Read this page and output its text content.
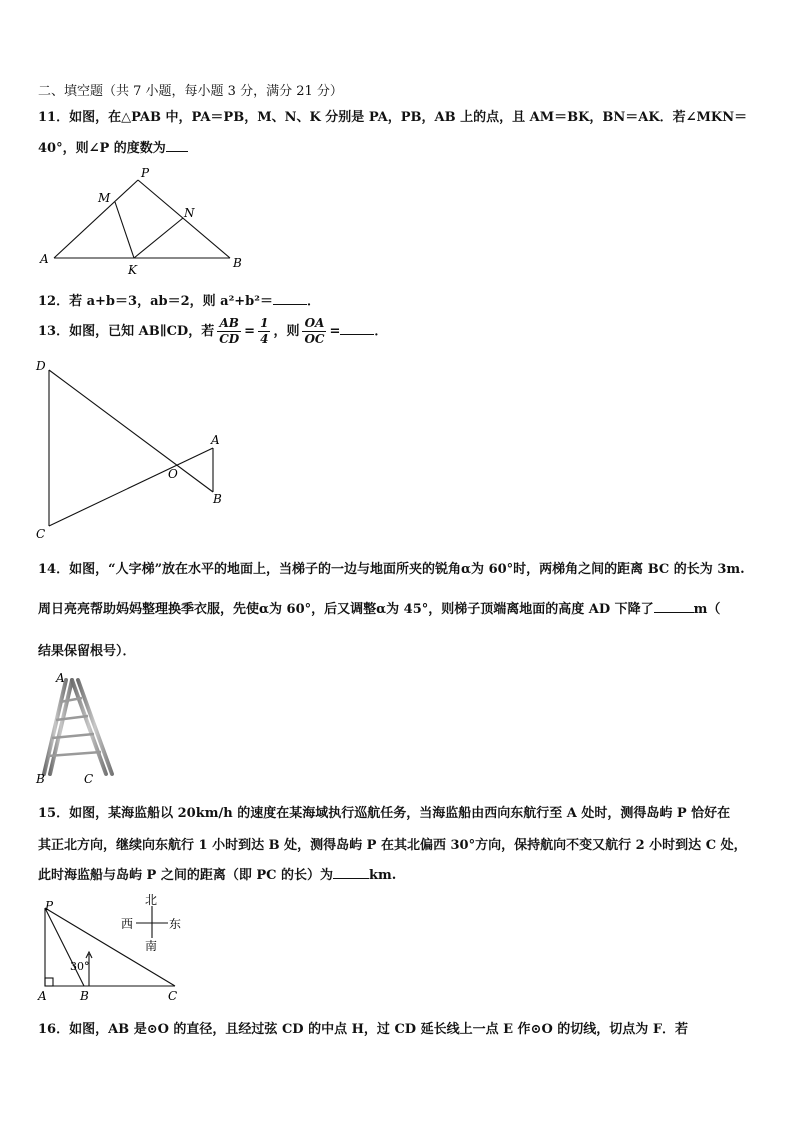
二、填空题（共 7 小题，每小题 3 分，满分 21 分）
11．如图，在△PAB 中，PA＝PB，M、N、K 分别是 PA，PB，AB 上的点，且 AM＝BK，BN＝AK．若∠MKN＝
40°，则∠P 的度数为
P
M
N
A
K	B
12．若 a+b＝3，ab＝2，则 a²+b²＝	．
13．如图，已知 AB∥CD，若 $\frac{AB}{CD} = \frac{1}{4}$ ，则 $\frac{OA}{OC}$ =	．
D
A
O
B
C
14．如图，“人字梯”放在水平的地面上，当梯子的一边与地面所夹的锐角α为 60°时，两梯角之间的距离 BC 的长为 3m.
周日亮亮帮助妈妈整理换季衣服，先使α为 60°，后又调整α为 45°，则梯子顶端离地面的高度 AD 下降了	m（
结果保留根号）．
A
B	C
15．如图，某海监船以 20km/h 的速度在某海域执行巡航任务，当海监船由西向东航行至 A 处时，测得岛屿 P 恰好在
其正北方向，继续向东航行 1 小时到达 B 处，测得岛屿 P 在其北偏西 30°方向，保持航向不变又航行 2 小时到达 C 处，
此时海监船与岛屿 P 之间的距离（即 PC 的长）为	km.
P
30°
A	B	C
北
西	东
南
16．如图，AB 是⊙O 的直径，且经过弦 CD 的中点 H，过 CD 延长线上一点 E 作⊙O 的切线，切点为 F．若
